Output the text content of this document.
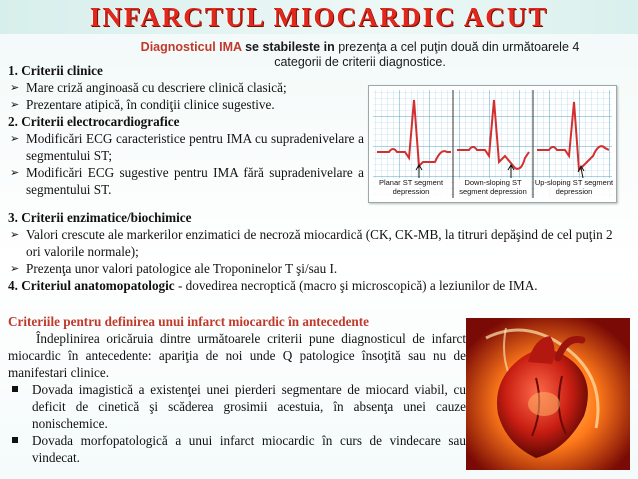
INFARCTUL MIOCARDIC ACUT
Diagnosticul IMA se stabileste in prezenţa a cel puţin două din următoarele 4 categorii de criterii diagnostice.
1. Criterii clinice
➢ Mare criză anginoasă cu descriere clinică clasică;
➢ Prezentare atipică, în condiţii clinice sugestive.
2. Criterii electrocardiografice
➢ Modificări ECG caracteristice pentru IMA cu supradenivelare a segmentului ST;
➢ Modificări ECG sugestive pentru IMA fără supradenivelare a segmentului ST.	Planar ST segment depression
Down-sloping ST segment depression
Up-sloping ST segment depression
3. Criterii enzimatice/biochimice
➢ Valori crescute ale markerilor enzimatici de necroză miocardică (CK, CK-MB, la titruri depăşind de cel puţin 2 ori valorile normale);
➢ Prezenţa unor valori patologice ale Troponinelor T şi/sau I.
4. Criteriul anatomopatologic - dovedirea necroptică (macro şi microscopică) a leziunilor de IMA.
Criteriile pentru definirea unui infarct miocardic în antecedente
Îndeplinirea oricăruia dintre următoarele criterii pune diagnosticul de infarct miocardic în antecedente: apariţia de noi unde Q patologice însoţită sau nu de manifestari clinice.
Dovada imagistică a existenţei unei pierderi segmentare de miocard viabil, cu deficit de cinetică şi scăderea grosimii acestuia, în absenţa unei cauze nonischemice.
Dovada morfopatologică a unui infarct miocardic în curs de vindecare sau vindecat.
